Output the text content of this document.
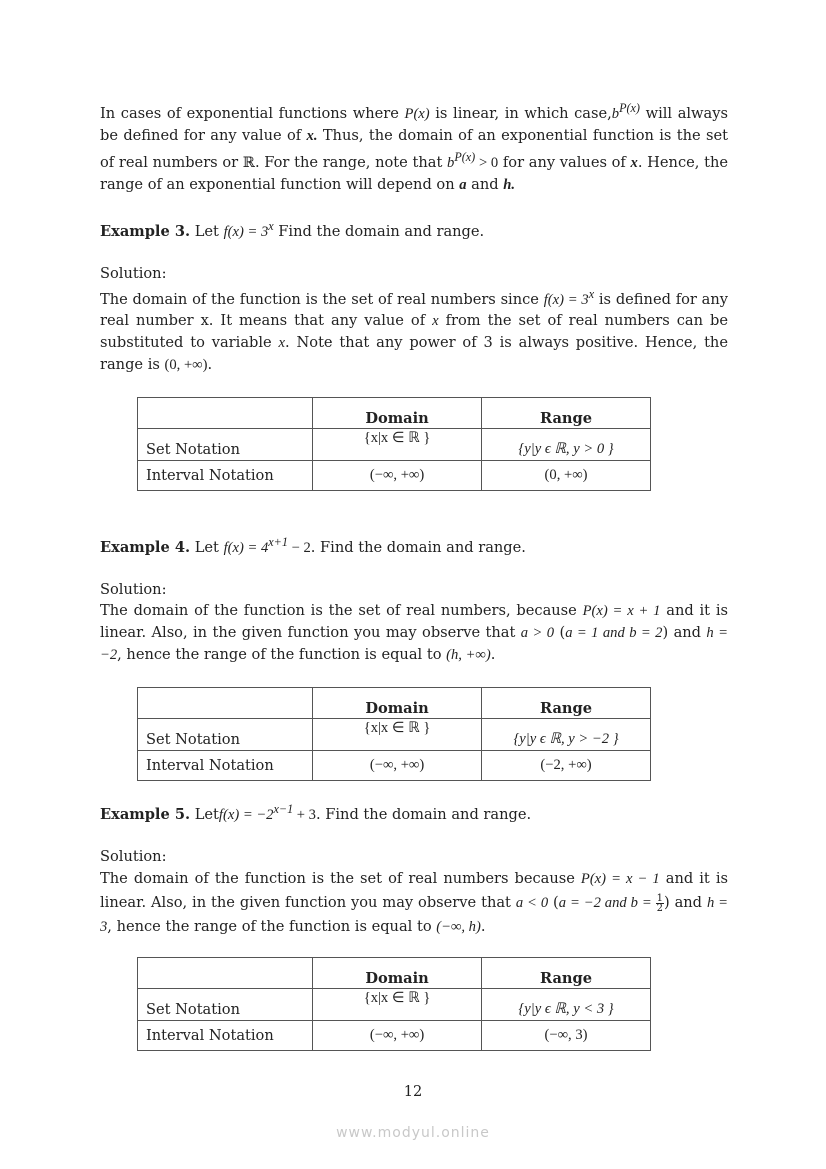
In cases of exponential functions where P(x) is linear, in which $case,b^{P(x)}$ will always be defined for any value of x. Thus, the domain of an exponential function is the set of real numbers or ℝ. For the range, note that $b^{P(x)} > 0$ for any values of x. Hence, the range of an exponential function will depend on a and h.

Example 3. Let $f(x) = 3^x$ Find the domain and range.

Solution:

The domain of the function is the set of real numbers since $f(x) = 3^x$ is defined for any real number x. It means that any value of x from the set of real numbers can be substituted to variable x. Note that any power of 3 is always positive. Hence, the range is (0, +∞).

	Domain	Range
Set Notation	{x|x ∈ ℝ }	{y|y ϵ ℝ, y > 0 }
Interval Notation	(−∞, +∞)	(0, +∞)

Example 4. Let $f(x) = 4^{x+1} - 2$. Find the domain and range.

Solution:

The domain of the function is the set of real numbers, because P(x) = x + 1 and it is linear. Also, in the given function you may observe that a > 0 (a = 1 and b = 2) and h = −2, hence the range of the function is equal to (h, +∞).

	Domain	Range
Set Notation	{x|x ∈ ℝ }	{y|y ϵ ℝ, y > −2 }
Interval Notation	(−∞, +∞)	(−2, +∞)

Example 5. Letf(x) = $-2^{x-1} + 3$. Find the domain and range.

Solution:

The domain of the function is the set of real numbers because P(x) = x − 1 and it is linear. Also, in the given function you may observe that a < 0 (a = −2 and $b = \frac{1}{2}$ ) and h = 3, hence the range of the function is equal to (−∞, h).

	Domain	Range
Set Notation	{x|x ∈ ℝ }	{y|y ϵ ℝ, y < 3 }
Interval Notation	(−∞, +∞)	(−∞, 3)
12
www.modyul.online
